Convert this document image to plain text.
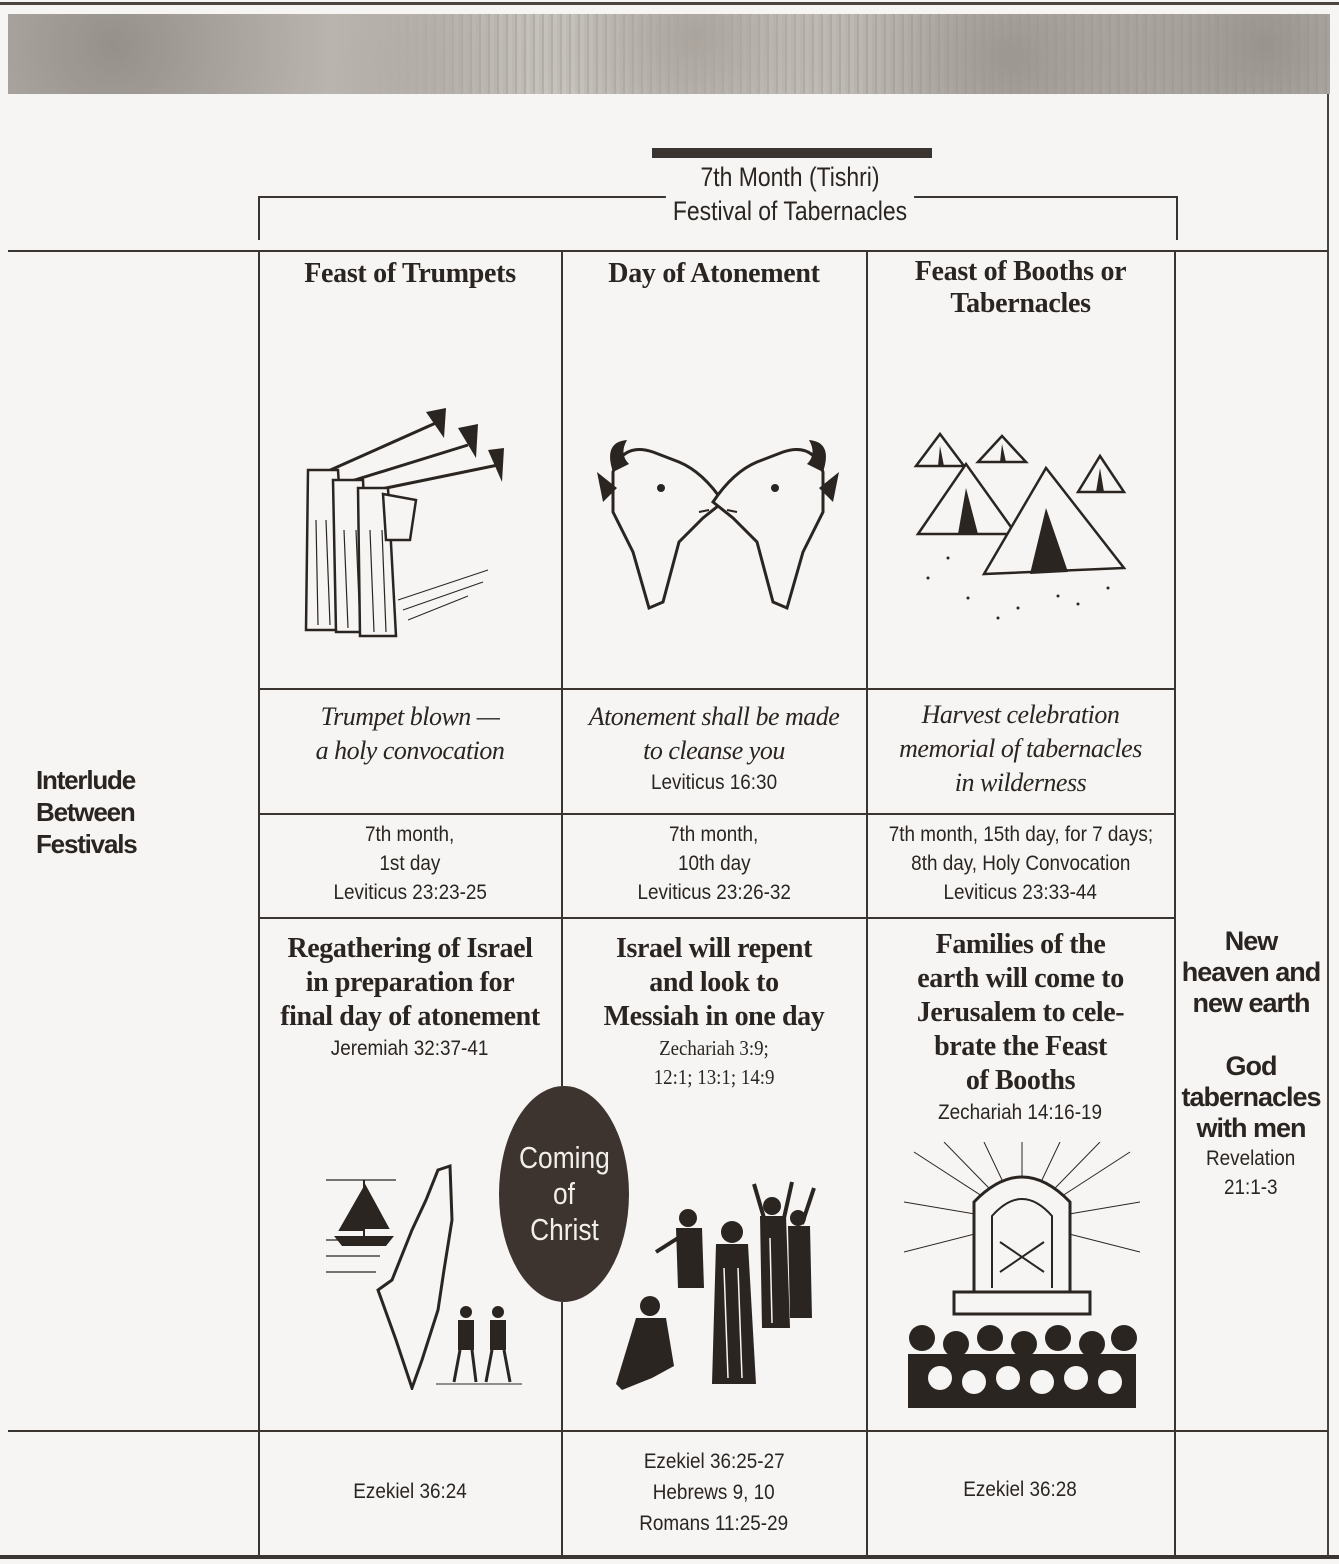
7th Month (Tishri)
Festival of Tabernacles
Interlude
Between
Festivals
Feast of Trumpets
Trumpet blown —
a holy convocation
7th month,
1st day
Leviticus 23:23-25
Regathering of Israel
in preparation for
final day of atonement
Jeremiah 32:37-41
Day of Atonement
Atonement shall be made
to cleanse you
Leviticus 16:30
7th month,
10th day
Leviticus 23:26-32
Israel will repent
and look to
Messiah in one day
Zechariah 3:9;
12:1; 13:1; 14:9
Feast of Booths or
Tabernacles
Harvest celebration
memorial of tabernacles
in wilderness
7th month, 15th day, for 7 days;
8th day, Holy Convocation
Leviticus 23:33-44
Families of the
earth will come to
Jerusalem to cele-
brate the Feast
of Booths
Zechariah 14:16-19
New
heaven and
new earth
God
tabernacles
with men
Revelation
21:1-3
Coming
of
Christ
Ezekiel 36:24
Ezekiel 36:25-27
Hebrews 9, 10
Romans 11:25-29
Ezekiel 36:28
